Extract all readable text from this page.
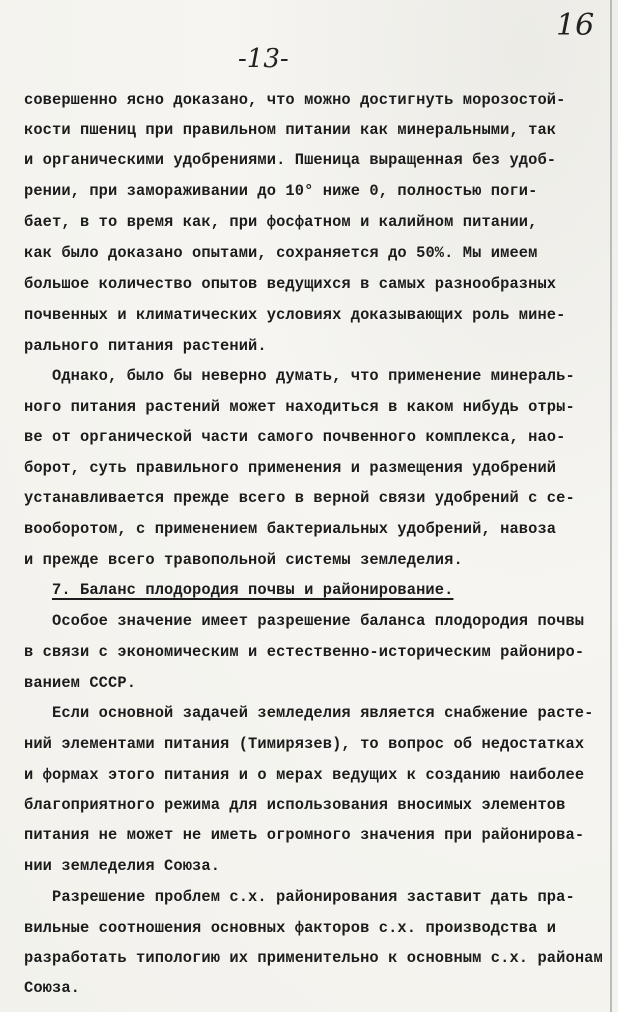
16
-13-
совершенно ясно доказано, что можно достигнуть морозостой-
кости пшениц при правильном питании как минеральными, так
и органическими удобрениями. Пшеница выращенная без удоб-
рении, при замораживании до 10° ниже 0, полностью поги-
бает, в то время как, при фосфатном и калийном питании,
как было доказано опытами, сохраняется до 50%. Мы имеем
большое количество опытов ведущихся в самых разнообразных
почвенных и климатических условиях доказывающих роль мине-
рального питания растений.
Однако, было бы неверно думать, что применение минераль-
ного питания растений может находиться в каком нибудь отры-
ве от органической части самого почвенного комплекса, нао-
борот, суть правильного применения и размещения удобрений
устанавливается прежде всего в верной связи удобрений с се-
вооборотом, с применением бактериальных удобрений, навоза
и прежде всего травопольной системы земледелия.
7. Баланс плодородия почвы и районирование.
Особое значение имеет разрешение баланса плодородия почвы
в связи с экономическим и естественно-историческим райониро-
ванием СССР.
Если основной задачей земледелия является снабжение расте-
ний элементами питания (Тимирязев), то вопрос об недостатках
и формах этого питания и о мерах ведущих к созданию наиболее
благоприятного режима для использования вносимых элементов
питания не может не иметь огромного значения при районирова-
нии земледелия Союза.
Разрешение проблем с.х. районирования заставит дать пра-
вильные соотношения основных факторов с.х. производства и
разработать типологию их применительно к основным с.х. районам
Союза.
